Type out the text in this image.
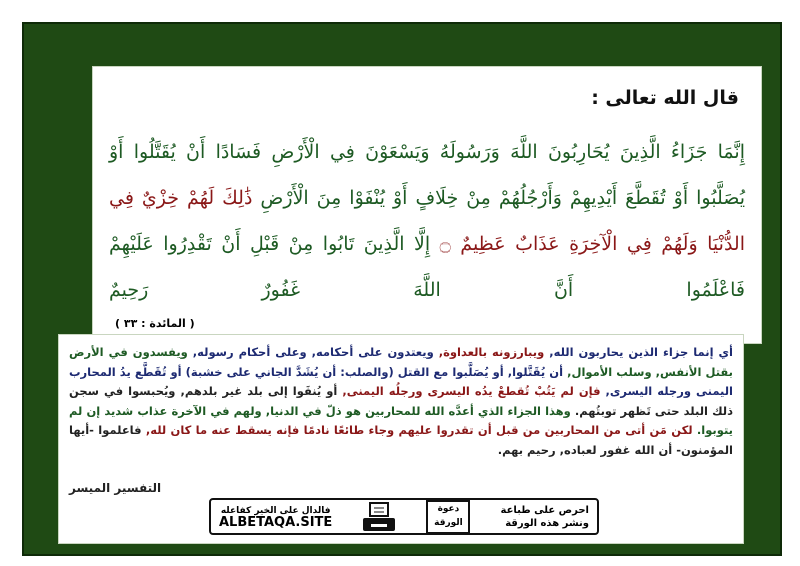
قال الله تعالى :
إِنَّمَا جَزَاءُ الَّذِينَ يُحَارِبُونَ اللَّهَ وَرَسُولَهُ وَيَسْعَوْنَ فِي الْأَرْضِ فَسَادًا أَنْ يُقَتَّلُوا أَوْ يُصَلَّبُوا أَوْ تُقَطَّعَ أَيْدِيهِمْ وَأَرْجُلُهُمْ مِنْ خِلَافٍ أَوْ يُنْفَوْا مِنَ الْأَرْضِ ذَٰلِكَ لَهُمْ خِزْيٌ فِي الدُّنْيَا وَلَهُمْ فِي الْآخِرَةِ عَذَابٌ عَظِيمٌ ۝ إِلَّا الَّذِينَ تَابُوا مِنْ قَبْلِ أَنْ تَقْدِرُوا عَلَيْهِمْ فَاعْلَمُوا أَنَّ اللَّهَ غَفُورٌ رَحِيمٌ
( المائدة : ٣٣ )
أي إنما جزاء الذين يحاربون الله, ويبارزونه بالعداوة, ويعتدون على أحكامه, وعلى أحكام رسوله, ويفسدون في الأرض بقتل الأنفس, وسلب الأموال, أن يُقَتَّلوا, أو يُصَلَّبوا مع القتل (والصلب: أن يُشَدَّ الجاني على خشبة) أو تُقَطَّع يدُ المحارب اليمنى ورجله اليسرى, فإن لم يَتُبْ تُقطعْ يدُه اليسرى ورجلُه اليمنى, أو يُنفَوا إلى بلد غير بلدهم, ويُحبسوا في سجن ذلك البلد حتى تَظهر توبتُهم. وهذا الجزاء الذي أعدَّه الله للمحاربين هو ذلّ في الدنيا, ولهم في الآخرة عذاب شديد إن لم يتوبوا. لكن مَن أتى من المحاربين من قبل أن تقدروا عليهم وجاء طائعًا نادمًا فإنه يسقط عنه ما كان لله, فاعلموا -أيها المؤمنون- أن الله غفور لعباده, رحيم بهم.
التفسير الميسر
فالدال على الخير كفاعله
ALBETAQA.SITE
دعوة الورقة
احرص على طباعة
ونشر هذه الورقة
